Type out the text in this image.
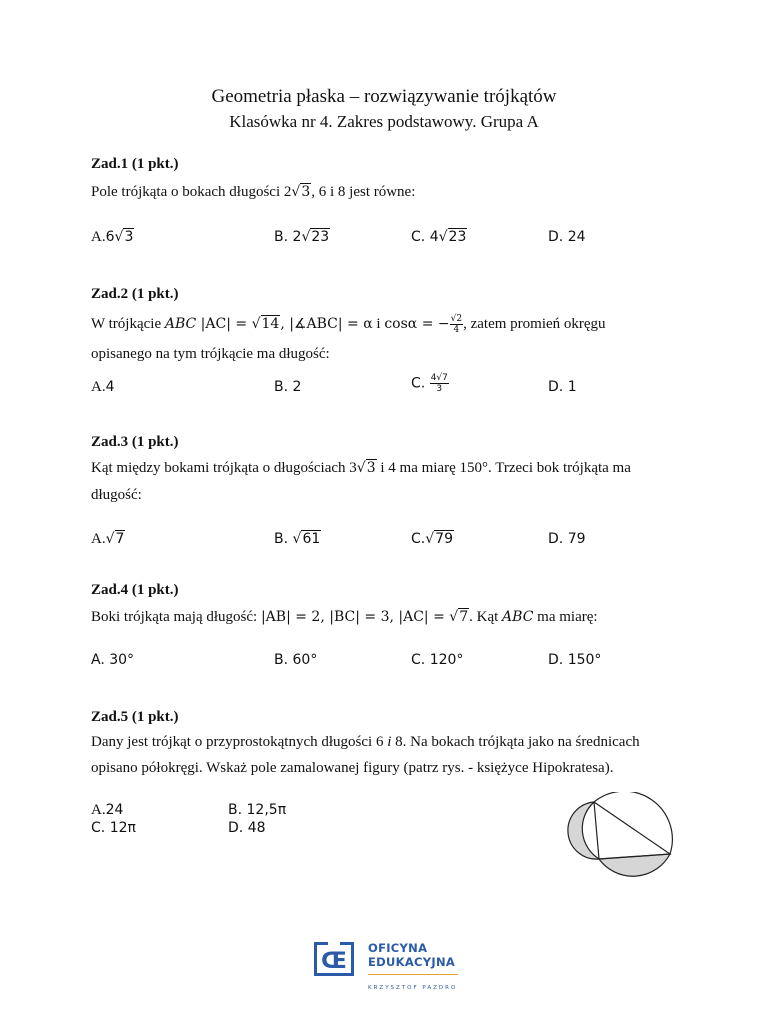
Geometria płaska – rozwiązywanie trójkątów
Klasówka nr 4. Zakres podstawowy. Grupa A
Zad.1 (1 pkt.)
Pole trójkąta o bokach długości 2√3, 6 i 8 jest równe:
A.6√3	B. 2√23	C. 4√23	D. 24
Zad.2 (1 pkt.)
W trójkącie ABC |AC| = √14, |∡ABC| = α i cosα = − $\frac{√2}{4}$ , zatem promień okręgu
opisanego na tym trójkącie ma długość:
A.4	B. 2	C. $\frac{4√7}{3}$	D. 1
Zad.3 (1 pkt.)
Kąt między bokami trójkąta o długościach 3√3 i 4 ma miarę 150°. Trzeci bok trójkąta ma
długość:
A.√7	B. √61	C.√79	D. 79
Zad.4 (1 pkt.)
Boki trójkąta mają długość: |AB| = 2, |BC| = 3, |AC| = √7. Kąt ABC ma miarę:
A. 30°	B. 60°	C. 120°	D. 150°
Zad.5 (1 pkt.)
Dany jest trójkąt o przyprostokątnych długości 6 i 8. Na bokach trójkąta jako na średnicach
opisano półokręgi. Wskaż pole zamalowanej figury (patrz rys. - księżyce Hipokratesa).
A.24	B. 12,5π
C. 12π	D. 48
Œ
OFICYNA
EDUKACYJNA
KRZYSZTOF PAZDRO
